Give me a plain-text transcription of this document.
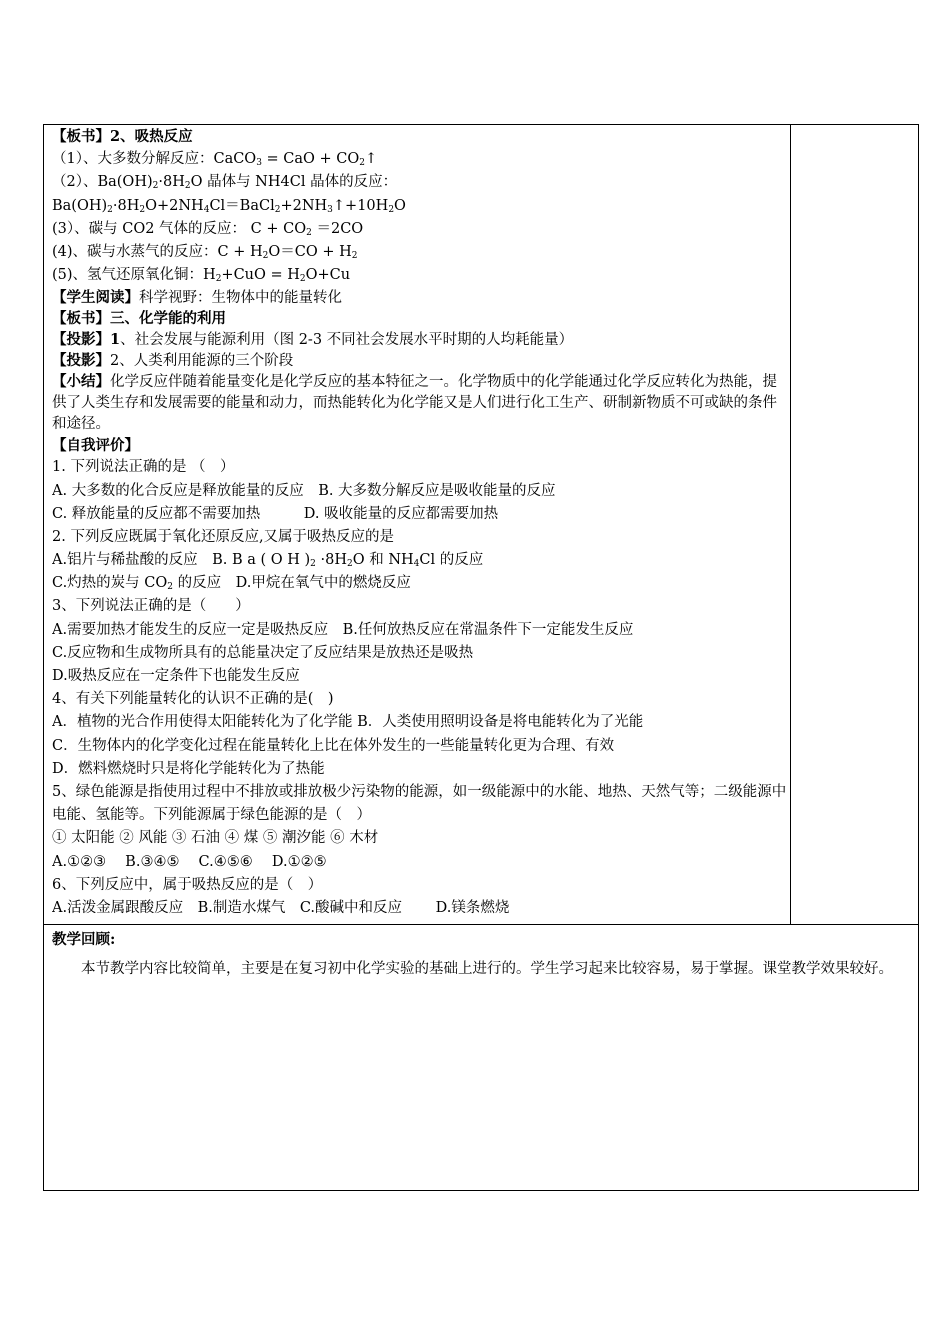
【板书】2、吸热反应
（1）、大多数分解反应：CaCO$_3$ = CaO + $CO_2↑$
（2）、$Ba(OH)_2\cdot 8H_2O$ 晶体与 NH4Cl 晶体的反应：
$Ba(OH)_2\cdot 8H_2O+2NH_4Cl=BaCl_2+2NH_3↑+10H_2O$
(3）、碳与 CO2 气体的反应： $C + CO_2 =2CO$
(4)、碳与水蒸气的反应：$C + H_2O=CO + H_2$
(5)、氢气还原氧化铜：$H_2+CuO = H_2O+Cu$
【学生阅读】科学视野：生物体中的能量转化
【板书】三、化学能的利用
【投影】1、社会发展与能源利用（图 2-3 不同社会发展水平时期的人均耗能量）
【投影】2、人类利用能源的三个阶段
【小结】化学反应伴随着能量变化是化学反应的基本特征之一。化学物质中的化学能通过化学反应转化为热能，提供了人类生存和发展需要的能量和动力，而热能转化为化学能又是人们进行化工生产、研制新物质不可或缺的条件和途径。
【自我评价】
1. 下列说法正确的是 （　）
A. 大多数的化合反应是释放能量的反应　B. 大多数分解反应是吸收能量的反应
C. 释放能量的反应都不需要加热　　　D. 吸收能量的反应都需要加热
2. 下列反应既属于氧化还原反应,又属于吸热反应的是
A.铝片与稀盐酸的反应　B. B a ( O H )$_2 \cdot 8H_2O$ 和 $NH_4Cl$ 的反应
C.灼热的炭与 $CO_2$ 的反应　D.甲烷在氧气中的燃烧反应
3、下列说法正确的是（　　）
A.需要加热才能发生的反应一定是吸热反应　B.任何放热反应在常温条件下一定能发生反应
C.反应物和生成物所具有的总能量决定了反应结果是放热还是吸热
D.吸热反应在一定条件下也能发生反应
4、有关下列能量转化的认识不正确的是(　)
A．植物的光合作用使得太阳能转化为了化学能 B．人类使用照明设备是将电能转化为了光能
C．生物体内的化学变化过程在能量转化上比在体外发生的一些能量转化更为合理、有效
D．燃料燃烧时只是将化学能转化为了热能
5、绿色能源是指使用过程中不排放或排放极少污染物的能源，如一级能源中的水能、地热、天然气等；二级能源中电能、氢能等。下列能源属于绿色能源的是（　）
① 太阳能 ② 风能 ③ 石油 ④ 煤 ⑤ 潮汐能 ⑥ 木材
A.①②③　 B.③④⑤　 C.④⑤⑥　 D.①②⑤
6、下列反应中，属于吸热反应的是（　）
A.活泼金属跟酸反应　B.制造水煤气　C.酸碱中和反应　　 D.镁条燃烧
教学回顾:
本节教学内容比较简单，主要是在复习初中化学实验的基础上进行的。学生学习起来比较容易，易于掌握。课堂教学效果较好。
